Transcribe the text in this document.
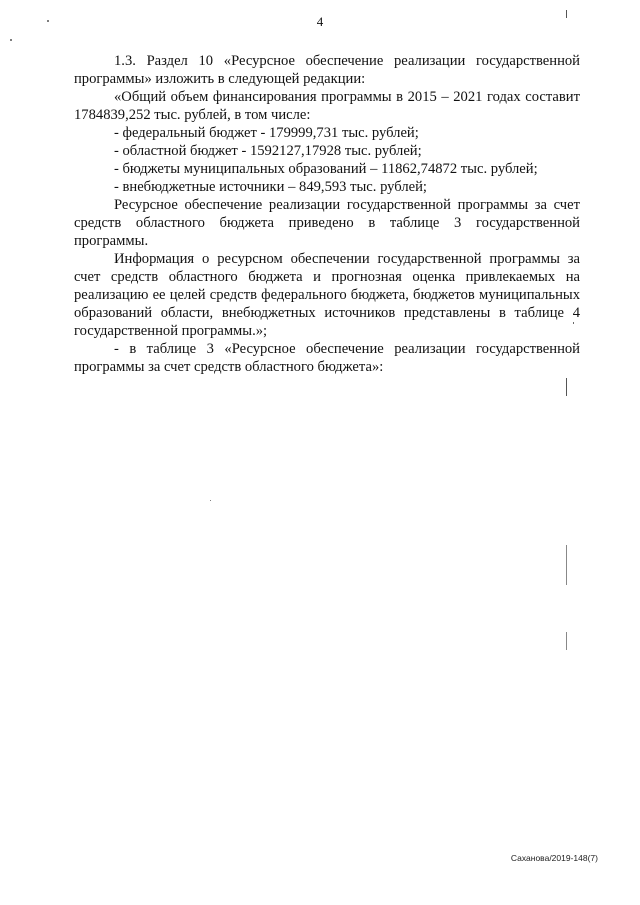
4

1.3. Раздел 10 «Ресурсное обеспечение реализации государственной программы» изложить в следующей редакции:

«Общий объем финансирования программы в 2015 – 2021 годах составит 1784839,252 тыс. рублей, в том числе:

- федеральный бюджет - 179999,731 тыс. рублей;

- областной бюджет - 1592127,17928 тыс. рублей;

- бюджеты муниципальных образований – 11862,74872 тыс. рублей;

- внебюджетные источники – 849,593 тыс. рублей;

Ресурсное обеспечение реализации государственной программы за счет средств областного бюджета приведено в таблице 3 государственной программы.

Информация о ресурсном обеспечении государственной программы за счет средств областного бюджета и прогнозная оценка привлекаемых на реализацию ее целей средств федерального бюджета, бюджетов муниципальных образований области, внебюджетных источников представлены в таблице 4 государственной программы.»;

- в таблице 3 «Ресурсное обеспечение реализации государственной программы за счет средств областного бюджета»:

Саханова/2019-148(7)
